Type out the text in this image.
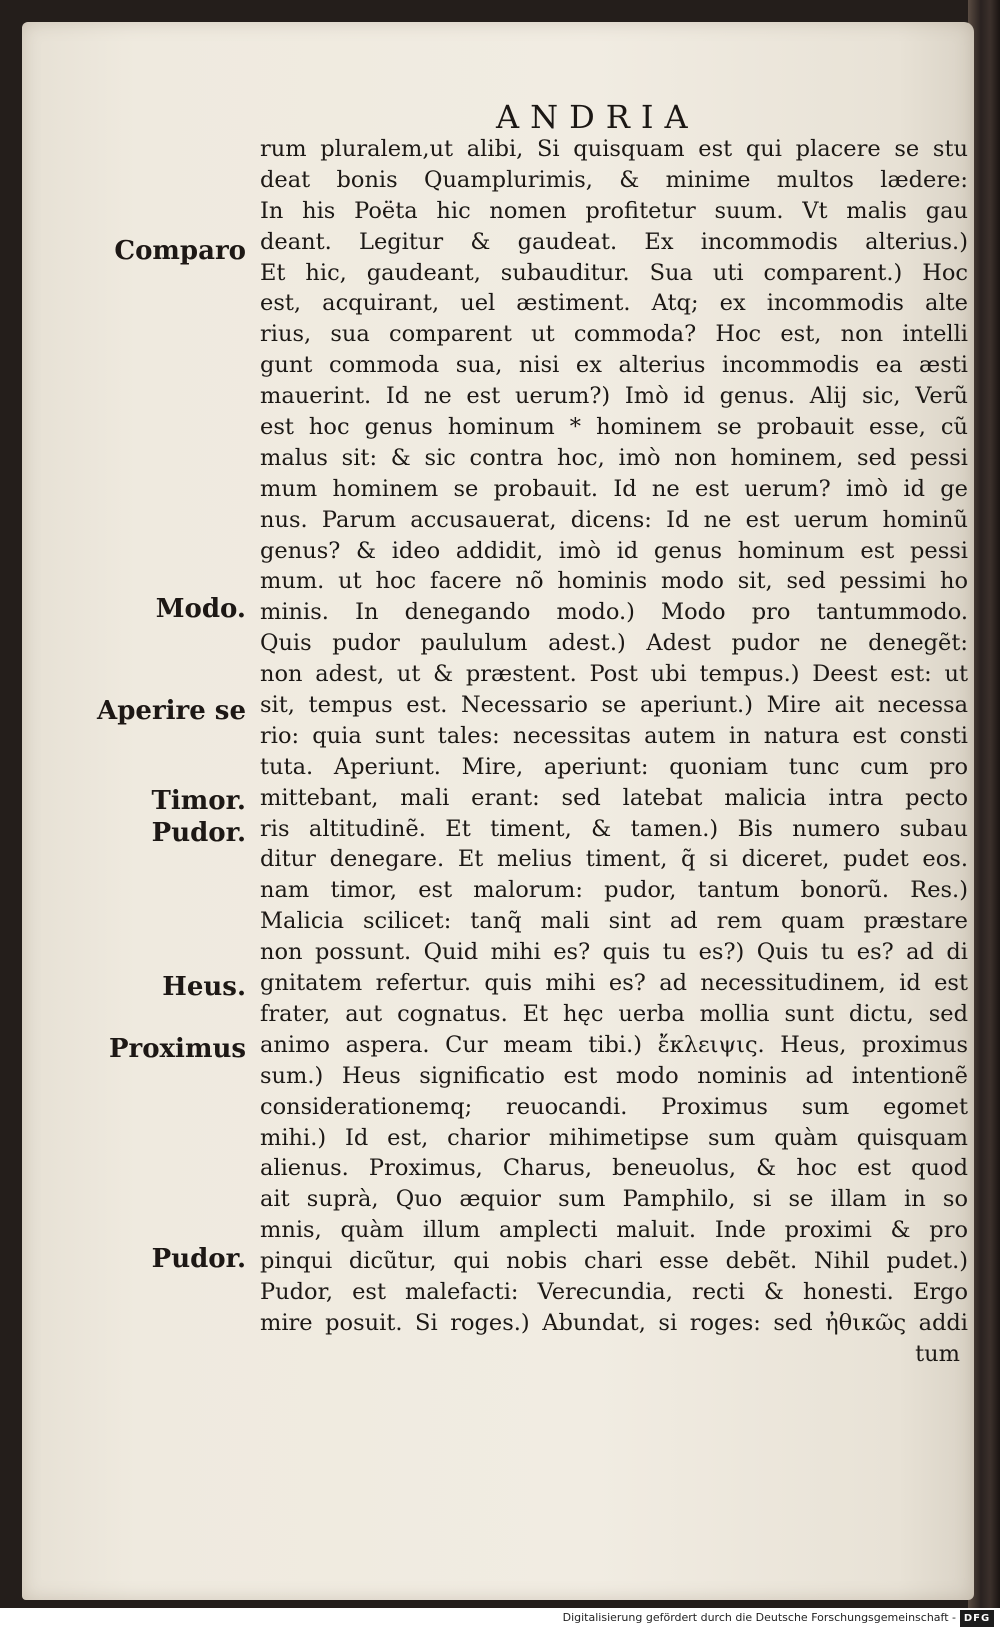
ANDRIA
rum pluralem,ut alibi, Si quisquam est qui placere se stu
deat bonis Quamplurimis, & minime multos lædere:
In his Poëta hic nomen profitetur suum. Vt malis gau
deant. Legitur & gaudeat. Ex incommodis alterius.)
Et hic, gaudeant, subauditur. Sua uti comparent.) Hoc
est, acquirant, uel æstiment. Atq; ex incommodis alte
rius, sua comparent ut commoda? Hoc est, non intelli
gunt commoda sua, nisi ex alterius incommodis ea æsti
mauerint. Id ne est uerum?) Imò id genus. Alij sic, Verũ
est hoc genus hominum * hominem se probauit esse, cũ
malus sit: & sic contra hoc, imò non hominem, sed pessi
mum hominem se probauit. Id ne est uerum? imò id ge
nus. Parum accusauerat, dicens: Id ne est uerum hominũ
genus? & ideo addidit, imò id genus hominum est pessi
mum. ut hoc facere nõ hominis modo sit, sed pessimi ho
minis. In denegando modo.) Modo pro tantummodo.
Quis pudor paululum adest.) Adest pudor ne denegẽt:
non adest, ut & præstent. Post ubi tempus.) Deest est: ut
sit, tempus est. Necessario se aperiunt.) Mire ait necessa
rio: quia sunt tales: necessitas autem in natura est consti
tuta. Aperiunt. Mire, aperiunt: quoniam tunc cum pro
mittebant, mali erant: sed latebat malicia intra pecto
ris altitudinẽ. Et timent, & tamen.) Bis numero subau
ditur denegare. Et melius timent, q̃ si diceret, pudet eos.
nam timor, est malorum: pudor, tantum bonorũ. Res.)
Malicia scilicet: tanq̃ mali sint ad rem quam præstare
non possunt. Quid mihi es? quis tu es?) Quis tu es? ad di
gnitatem refertur. quis mihi es? ad necessitudinem, id est
frater, aut cognatus. Et hęc uerba mollia sunt dictu, sed
animo aspera. Cur meam tibi.) ἔκλειψις. Heus, proximus
sum.) Heus significatio est modo nominis ad intentionẽ
considerationemq; reuocandi. Proximus sum egomet
mihi.) Id est, charior mihimetipse sum quàm quisquam
alienus. Proximus, Charus, beneuolus, & hoc est quod
ait suprà, Quo æquior sum Pamphilo, si se illam in so
mnis, quàm illum amplecti maluit. Inde proximi & pro
pinqui dicũtur, qui nobis chari esse debẽt. Nihil pudet.)
Pudor, est malefacti: Verecundia, recti & honesti. Ergo
mire posuit. Si roges.) Abundat, si roges: sed ἠθικῶς addi
tum
Comparo
Modo.
Aperire se
Timor.
Pudor.
Heus.
Proximus
Pudor.
Digitalisierung gefördert durch die Deutsche Forschungsgemeinschaft - DFG
